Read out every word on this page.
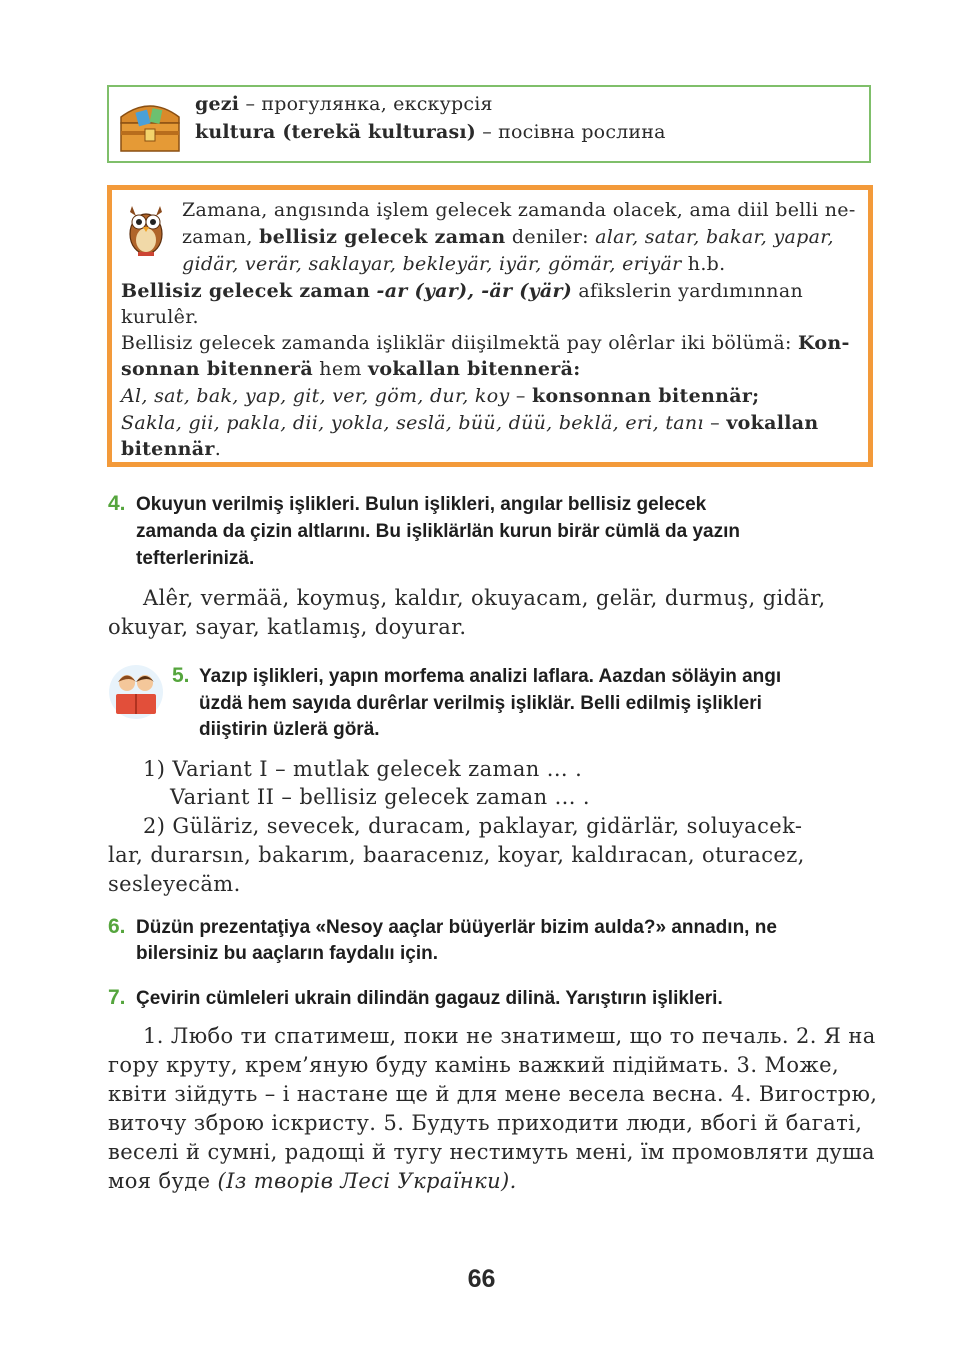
gezi – прогулянка, екскурсія
kultura (terekä kulturası) – посівна рослина
Zamana, angısında işlem gelecek zamanda olacek, ama diil belli ne-
zaman, bellisiz gelecek zaman deniler: alar, satar, bakar, yapar,
gidär, verär, saklayar, bekleyär, iyär, gömär, eriyär h.b.
Bellisiz gelecek zaman -ar (yar), -är (yär) afikslerin yardımınnan
kurulêr.
Bellisiz gelecek zamanda işliklär diişilmektä pay olêrlar iki bölümä: Kon-
sonnan bitennerä hem vokallan bitennerä:
Al, sat, bak, yap, git, ver, göm, dur, koy – konsonnan bitennär;
Sakla, gii, pakla, dii, yokla, seslä, büü, düü, beklä, eri, tanı – vokallan
bitennär.
4. Okuyun verilmiş işlikleri. Bulun işlikleri, angılar bellisiz gelecek
zamanda da çizin altlarını. Bu işliklärlän kurun birär cümlä da yazın
tefterlerinizä.
Alêr, vermää, koymuş, kaldır, okuyacam, gelär, durmuş, gidär,
okuyar, sayar, katlamış, doyurar.
5. Yazıp işlikleri, yapın morfema analizi laflara. Aazdan söläyin angı
üzdä hem sayıda durêrlar verilmiş işliklär. Belli edilmiş işlikleri
diiştirin üzlerä görä.
1) Variant I – mutlak gelecek zaman ... .
Variant II – bellisiz gelecek zaman ... .
2) Güläriz, sevecek, duracam, paklayar, gidärlär, soluyacek-
lar, durarsın, bakarım, baaracenız, koyar, kaldıracan, oturacez,
sesleyecäm.
6. Düzün prezentaţiya «Nesoy aaçlar büüyerlär bizim aulda?» annadın, ne
bilersiniz bu aaçların faydalıı için.
7. Çevirin cümleleri ukrain dilindän gagauz dilinä. Yarıştırın işlikleri.
1. Любо ти спатимеш, поки не знатимеш, що то печаль. 2. Я на
гору круту, крем’яную буду камінь важкий підіймать. 3. Може,
квіти зійдуть – і настане ще й для мене весела весна. 4. Вигострю,
виточу зброю іскристу. 5. Будуть приходити люди, вбогі й багаті,
веселі й сумні, радощі й тугу нестимуть мені, їм промовляти душа
моя буде (Із творів Лесі Українки).
66
